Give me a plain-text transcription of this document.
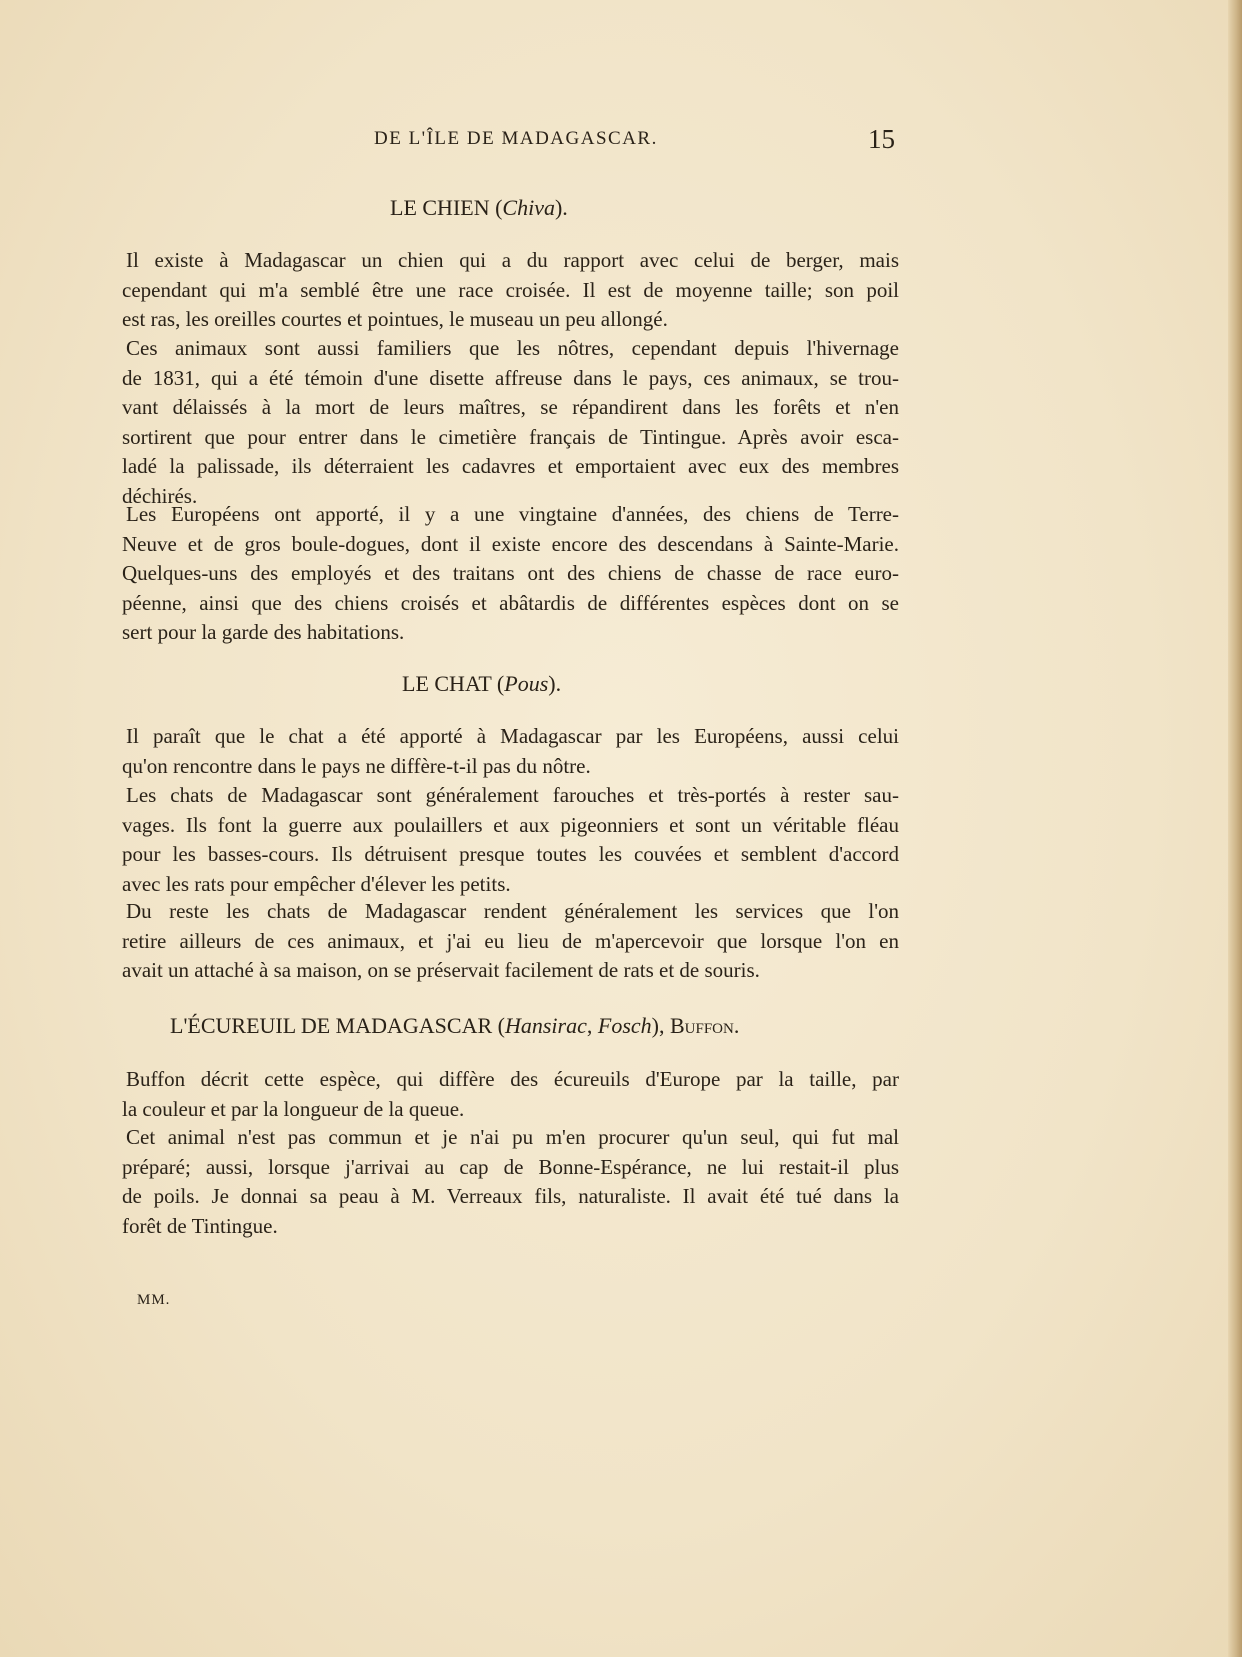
DE L'ÎLE DE MADAGASCAR.	15
LE CHIEN (Chiva).
Il existe à Madagascar un chien qui a du rapport avec celui de berger, mais
cependant qui m'a semblé être une race croisée. Il est de moyenne taille; son poil
est ras, les oreilles courtes et pointues, le museau un peu allongé.
Ces animaux sont aussi familiers que les nôtres, cependant depuis l'hivernage
de 1831, qui a été témoin d'une disette affreuse dans le pays, ces animaux, se trou-
vant délaissés à la mort de leurs maîtres, se répandirent dans les forêts et n'en
sortirent que pour entrer dans le cimetière français de Tintingue. Après avoir esca-
ladé la palissade, ils déterraient les cadavres et emportaient avec eux des membres
déchirés.
Les Européens ont apporté, il y a une vingtaine d'années, des chiens de Terre-
Neuve et de gros boule-dogues, dont il existe encore des descendans à Sainte-Marie.
Quelques-uns des employés et des traitans ont des chiens de chasse de race euro-
péenne, ainsi que des chiens croisés et abâtardis de différentes espèces dont on se
sert pour la garde des habitations.
LE CHAT (Pous).
Il paraît que le chat a été apporté à Madagascar par les Européens, aussi celui
qu'on rencontre dans le pays ne diffère-t-il pas du nôtre.
Les chats de Madagascar sont généralement farouches et très-portés à rester sau-
vages. Ils font la guerre aux poulaillers et aux pigeonniers et sont un véritable fléau
pour les basses-cours. Ils détruisent presque toutes les couvées et semblent d'accord
avec les rats pour empêcher d'élever les petits.
Du reste les chats de Madagascar rendent généralement les services que l'on
retire ailleurs de ces animaux, et j'ai eu lieu de m'apercevoir que lorsque l'on en
avait un attaché à sa maison, on se préservait facilement de rats et de souris.
L'ÉCUREUIL DE MADAGASCAR (Hansirac, Fosch), Buffon.
Buffon décrit cette espèce, qui diffère des écureuils d'Europe par la taille, par
la couleur et par la longueur de la queue.
Cet animal n'est pas commun et je n'ai pu m'en procurer qu'un seul, qui fut mal
préparé; aussi, lorsque j'arrivai au cap de Bonne-Espérance, ne lui restait-il plus
de poils. Je donnai sa peau à M. Verreaux fils, naturaliste. Il avait été tué dans la
forêt de Tintingue.
MM.
